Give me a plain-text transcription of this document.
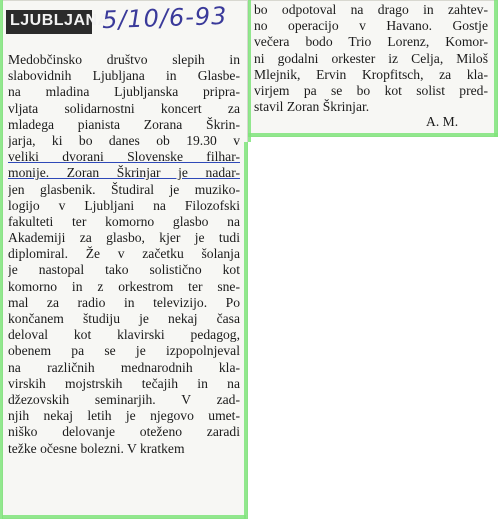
LJUBLJANA
5/10/6-93
Medobčinsko društvo slepih in
slabovidnih Ljubljana in Glasbe-
na mladina Ljubljanska pripra-
vljata solidarnostni koncert za
mladega pianista Zorana Škrin-
jarja, ki bo danes ob 19.30 v
veliki dvorani Slovenske filhar-
monije. Zoran Škrinjar je nadar-
jen glasbenik. Študiral je muziko-
logijo v Ljubljani na Filozofski
fakulteti ter komorno glasbo na
Akademiji za glasbo, kjer je tudi
diplomiral. Že v začetku šolanja
je nastopal tako solistično kot
komorno in z orkestrom ter sne-
mal za radio in televizijo. Po
končanem študiju je nekaj časa
deloval kot klavirski pedagog,
obenem pa se je izpopolnjeval
na različnih mednarodnih kla-
virskih mojstrskih tečajih in na
džezovskih seminarjih. V zad-
njih nekaj letih je njegovo umet-
niško delovanje oteženo zaradi
težke očesne bolezni. V kratkem
bo odpotoval na drago in zahtev-
no operacijo v Havano. Gostje
večera bodo Trio Lorenz, Komor-
ni godalni orkester iz Celja, Miloš
Mlejnik, Ervin Kropfitsch, za kla-
virjem pa se bo kot solist pred-
stavil Zoran Škrinjar.
A. M.
